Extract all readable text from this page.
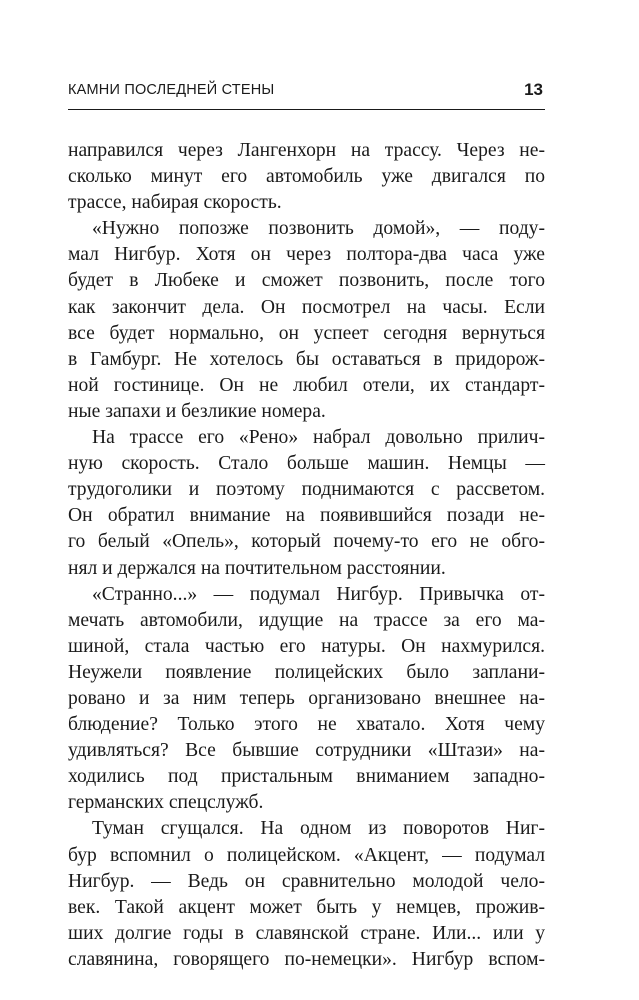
КАМНИ ПОСЛЕДНЕЙ СТЕНЫ	13
направился через Лангенхорн на трассу. Через не-
сколько минут его автомобиль уже двигался по
трассе, набирая скорость.
«Нужно попозже позвонить домой», — поду-
мал Нигбур. Хотя он через полтора-два часа уже
будет в Любеке и сможет позвонить, после того
как закончит дела. Он посмотрел на часы. Если
все будет нормально, он успеет сегодня вернуться
в Гамбург. Не хотелось бы оставаться в придорож-
ной гостинице. Он не любил отели, их стандарт-
ные запахи и безликие номера.
На трассе его «Рено» набрал довольно прилич-
ную скорость. Стало больше машин. Немцы —
трудоголики и поэтому поднимаются с рассветом.
Он обратил внимание на появившийся позади не-
го белый «Опель», который почему-то его не обго-
нял и держался на почтительном расстоянии.
«Странно...» — подумал Нигбур. Привычка от-
мечать автомобили, идущие на трассе за его ма-
шиной, стала частью его натуры. Он нахмурился.
Неужели появление полицейских было заплани-
ровано и за ним теперь организовано внешнее на-
блюдение? Только этого не хватало. Хотя чему
удивляться? Все бывшие сотрудники «Штази» на-
ходились под пристальным вниманием западно-
германских спецслужб.
Туман сгущался. На одном из поворотов Ниг-
бур вспомнил о полицейском. «Акцент, — подумал
Нигбур. — Ведь он сравнительно молодой чело-
век. Такой акцент может быть у немцев, прожив-
ших долгие годы в славянской стране. Или... или у
славянина, говорящего по-немецки». Нигбур вспом-
